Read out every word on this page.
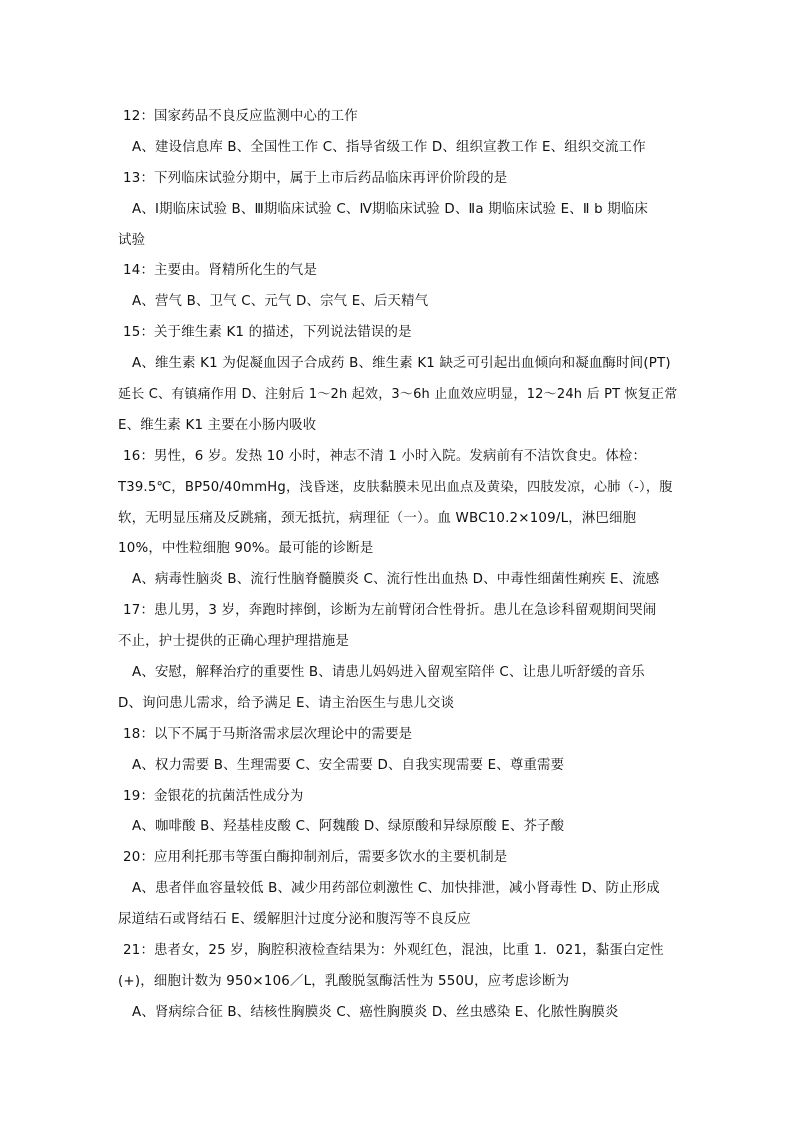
12：国家药品不良反应监测中心的工作
A、建设信息库 B、全国性工作 C、指导省级工作 D、组织宣教工作 E、组织交流工作
13：下列临床试验分期中，属于上市后药品临床再评价阶段的是
A、Ⅰ期临床试验 B、Ⅲ期临床试验 C、Ⅳ期临床试验 D、Ⅱa 期临床试验 E、Ⅱ b 期临床
试验
14：主要由。肾精所化生的气是
A、营气 B、卫气 C、元气 D、宗气 E、后天精气
15：关于维生素 K1 的描述，下列说法错误的是
A、维生素 K1 为促凝血因子合成药 B、维生素 K1 缺乏可引起出血倾向和凝血酶时间(PT)
延长 C、有镇痛作用 D、注射后 1～2h 起效，3～6h 止血效应明显，12～24h 后 PT 恢复正常
E、维生素 K1 主要在小肠内吸收
16：男性，6 岁。发热 10 小时，神志不清 1 小时入院。发病前有不洁饮食史。体检：
T39.5℃，BP50/40mmHg，浅昏迷，皮肤黏膜未见出血点及黄染，四肢发凉，心肺（-），腹
软，无明显压痛及反跳痛，颈无抵抗，病理征（一）。血 WBC10.2×109/L，淋巴细胞
10%，中性粒细胞 90%。最可能的诊断是
A、病毒性脑炎 B、流行性脑脊髓膜炎 C、流行性出血热 D、中毒性细菌性痢疾 E、流感
17：患儿男，3 岁，奔跑时摔倒，诊断为左前臂闭合性骨折。患儿在急诊科留观期间哭闹
不止，护士提供的正确心理护理措施是
A、安慰，解释治疗的重要性 B、请患儿妈妈进入留观室陪伴 C、让患儿听舒缓的音乐
D、询问患儿需求，给予满足 E、请主治医生与患儿交谈
18：以下不属于马斯洛需求层次理论中的需要是
A、权力需要 B、生理需要 C、安全需要 D、自我实现需要 E、尊重需要
19：金银花的抗菌活性成分为
A、咖啡酸 B、羟基桂皮酸 C、阿魏酸 D、绿原酸和异绿原酸 E、芥子酸
20：应用利托那韦等蛋白酶抑制剂后，需要多饮水的主要机制是
A、患者伴血容量较低 B、减少用药部位刺激性 C、加快排泄，减小肾毒性 D、防止形成
尿道结石或肾结石 E、缓解胆汁过度分泌和腹泻等不良反应
21：患者女，25 岁，胸腔积液检查结果为：外观红色，混浊，比重 1．021，黏蛋白定性
(+)，细胞计数为 950×106／L，乳酸脱氢酶活性为 550U，应考虑诊断为
A、肾病综合征 B、结核性胸膜炎 C、癌性胸膜炎 D、丝虫感染 E、化脓性胸膜炎
